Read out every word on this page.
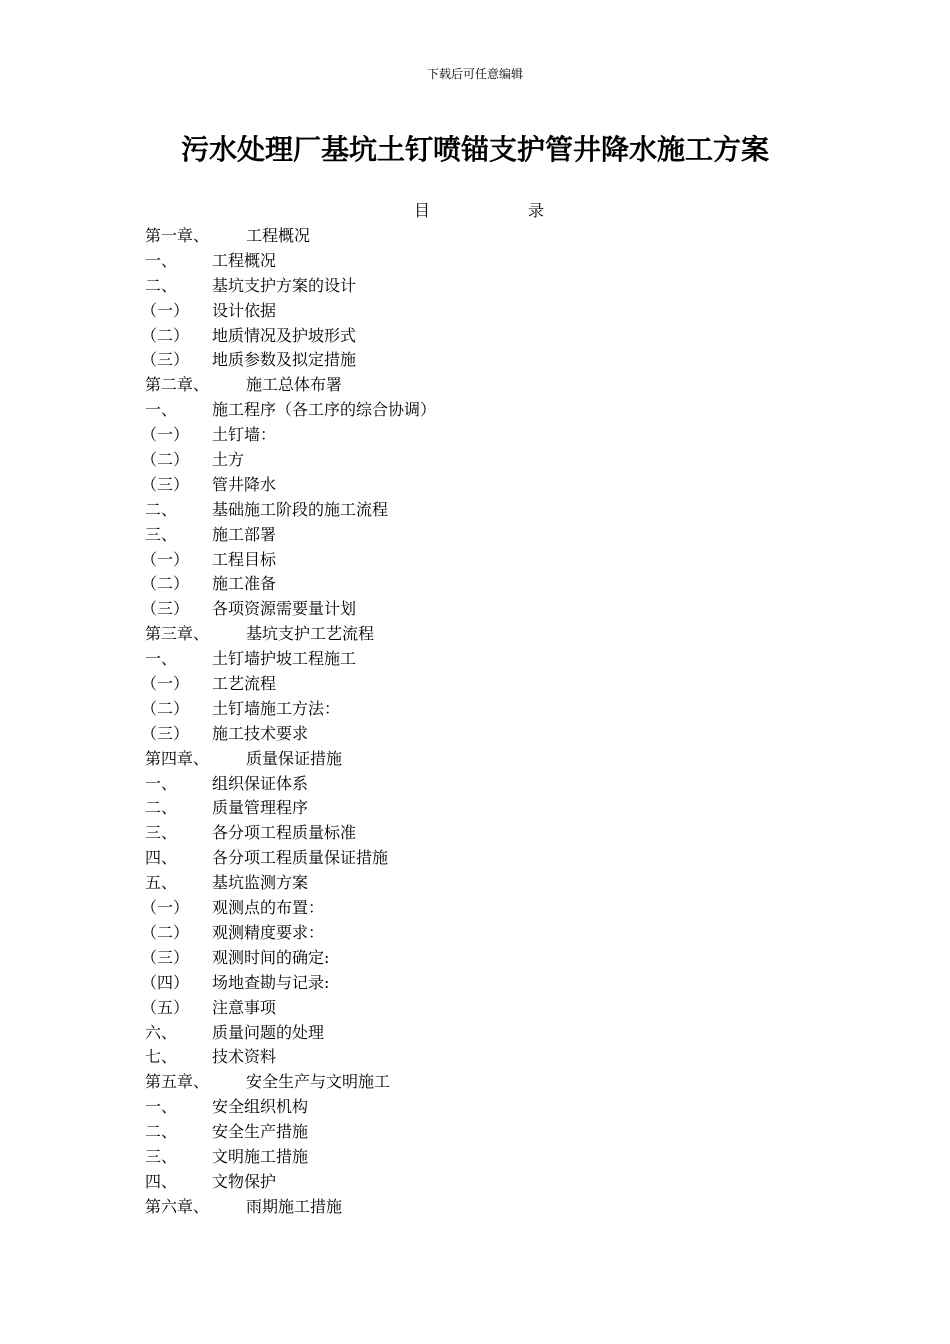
下载后可任意编辑
污水处理厂基坑土钉喷锚支护管井降水施工方案
目	录
第一章、	工程概况
一、	工程概况
二、	基坑支护方案的设计
（一）	设计依据
（二）	地质情况及护坡形式
（三）	地质参数及拟定措施
第二章、	施工总体布署
一、	施工程序（各工序的综合协调）
（一）	土钉墙：
（二）	土方
（三）	管井降水
二、	基础施工阶段的施工流程
三、	施工部署
（一）	工程目标
（二）	施工准备
（三）	各项资源需要量计划
第三章、	基坑支护工艺流程
一、	土钉墙护坡工程施工
（一）	工艺流程
（二）	土钉墙施工方法：
（三）	施工技术要求
第四章、	质量保证措施
一、	组织保证体系
二、	质量管理程序
三、	各分项工程质量标准
四、	各分项工程质量保证措施
五、	基坑监测方案
（一）	观测点的布置：
（二）	观测精度要求：
（三）	观测时间的确定:
（四）	场地查勘与记录:
（五）	注意事项
六、	质量问题的处理
七、	技术资料
第五章、	安全生产与文明施工
一、	安全组织机构
二、	安全生产措施
三、	文明施工措施
四、	文物保护
第六章、	雨期施工措施
